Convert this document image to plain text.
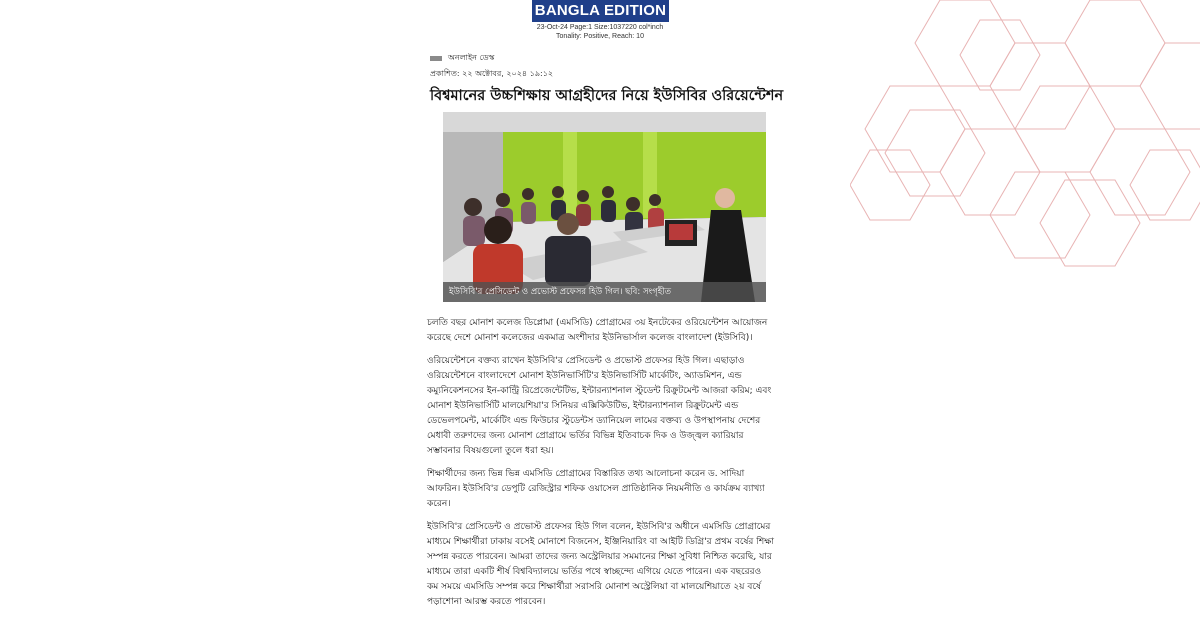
BANGLA EDITION
23-Oct-24 Page:1 Size:1037220 col*inch
Tonality: Positive, Reach: 10
অনলাইন ডেস্ক
প্রকাশিত: ২২ অক্টোবর, ২০২৪ ১৯:১২
বিশ্বমানের উচ্চশিক্ষায় আগ্রহীদের নিয়ে ইউসিবির ওরিয়েন্টেশন
ইউসিবি'র প্রেসিডেন্ট ও প্রভোস্ট প্রফেসর হিউ গিল। ছবি: সংগৃহীত

চলতি বছর মোনাশ কলেজ ডিপ্লোমা (এমসিডি) প্রোগ্রামের ৩য় ইনটেকের ওরিয়েন্টেশন আয়োজন করেছে দেশে মোনাশ কলেজের একমাত্র অংশীদার ইউনিভার্সাল কলেজ বাংলাদেশ (ইউসিবি)।

ওরিয়েন্টেশনে বক্তব্য রাখেন ইউসিবি'র প্রেসিডেন্ট ও প্রভোস্ট প্রফেসর হিউ গিল। এছাড়াও ওরিয়েন্টেশনে বাংলাদেশে মোনাশ ইউনিভার্সিটি'র ইউনিভার্সিটি মার্কেটিং, অ্যাডমিশন, এন্ড কম্যুনিকেশনসের ইন-কান্ট্রি রিপ্রেজেন্টেটিভ, ইন্টারন্যাশনাল স্টুডেন্ট রিক্রুটমেন্ট আজরা করিম; এবং মোনাশ ইউনিভার্সিটি মালয়েশিয়া'র সিনিয়র এক্সিকিউটিভ, ইন্টারন্যাশনাল রিক্রুটমেন্ট এন্ড ডেভেলপমেন্ট, মার্কেটিং এন্ড ফিউচার স্টুডেন্টস ড্যানিয়েল লামের বক্তব্য ও উপস্থাপনায় দেশের মেধাবী তরুণদের জন্য মোনাশ প্রোগ্রামে ভর্তির বিভিন্ন ইতিবাচক দিক ও উজ্জ্বল ক্যারিয়ার সম্ভাবনার বিষয়গুলো তুলে ধরা হয়।

শিক্ষার্থীদের জন্য ভিন্ন ভিন্ন এমসিডি প্রোগ্রামের বিস্তারিত তথ্য আলোচনা করেন ড. সাদিয়া আফরিন। ইউসিবি'র ডেপুটি রেজিস্ট্রার শফিক ওয়াসেল প্রাতিষ্ঠানিক নিয়মনীতি ও কার্যক্রম ব্যাখ্যা করেন।

ইউসিবি'র প্রেসিডেন্ট ও প্রভোস্ট প্রফেসর হিউ গিল বলেন, ইউসিবি'র অধীনে এমসিডি প্রোগ্রামের মাধ্যমে শিক্ষার্থীরা ঢাকায় বসেই মোনাশে বিজনেস, ইঞ্জিনিয়ারিং বা আইটি ডিগ্রি'র প্রথম বর্ষের শিক্ষা সম্পন্ন করতে পারবেন। আমরা তাদের জন্য অস্ট্রেলিয়ার সমমানের শিক্ষা সুবিধা নিশ্চিত করেছি, যার মাধ্যমে তারা একটি শীর্ষ বিশ্ববিদ্যালয়ে ভর্তির পথে স্বাচ্ছন্দ্যে এগিয়ে যেতে পারেন। এক বছরেরও কম সময়ে এমসিডি সম্পন্ন করে শিক্ষার্থীরা সরাসরি মোনাশ অস্ট্রেলিয়া বা মালয়েশিয়াতে ২য় বর্ষে পড়াশোনা আরম্ভ করতে পারবেন।
